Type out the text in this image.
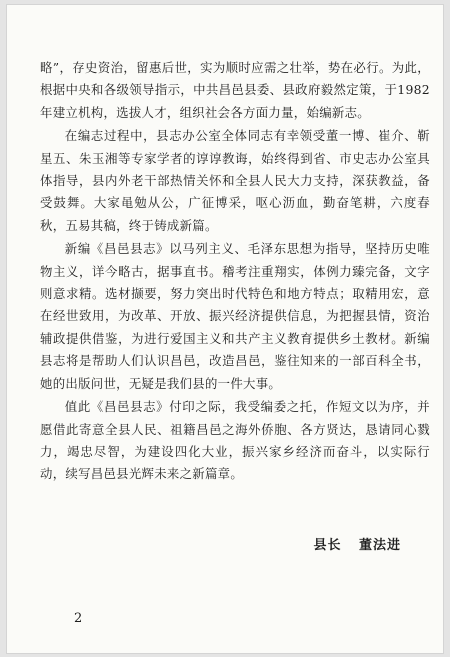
略”，存史资治，留惠后世，实为顺时应需之壮举，势在必行。为此，根据中央和各级领导指示，中共昌邑县委、县政府毅然定策，于1982年建立机构，选拔人才，组织社会各方面力量，始编新志。

在编志过程中，县志办公室全体同志有幸领受董一博、崔介、靳星五、朱玉湘等专家学者的谆谆教诲，始终得到省、市史志办公室具体指导，县内外老干部热情关怀和全县人民大力支持，深获教益，备受鼓舞。大家黾勉从公，广征博采，呕心沥血，勤奋笔耕，六度春秋，五易其稿，终于铸成新篇。

新编《昌邑县志》以马列主义、毛泽东思想为指导，坚持历史唯物主义，详今略古，据事直书。稽考注重翔实，体例力臻完备，文字则意求精。选材撷要，努力突出时代特色和地方特点；取精用宏，意在经世致用，为改革、开放、振兴经济提供信息，为把握县情，资治辅政提供借鉴，为进行爱国主义和共产主义教育提供乡土教材。新编县志将是帮助人们认识昌邑，改造昌邑，鉴往知来的一部百科全书，她的出版问世，无疑是我们县的一件大事。

值此《昌邑县志》付印之际，我受编委之托，作短文以为序，并愿借此寄意全县人民、祖籍昌邑之海外侨胞、各方贤达，恳请同心戮力，竭忠尽智，为建设四化大业，振兴家乡经济而奋斗，以实际行动，续写昌邑县光辉未来之新篇章。

县长 董法进
2
